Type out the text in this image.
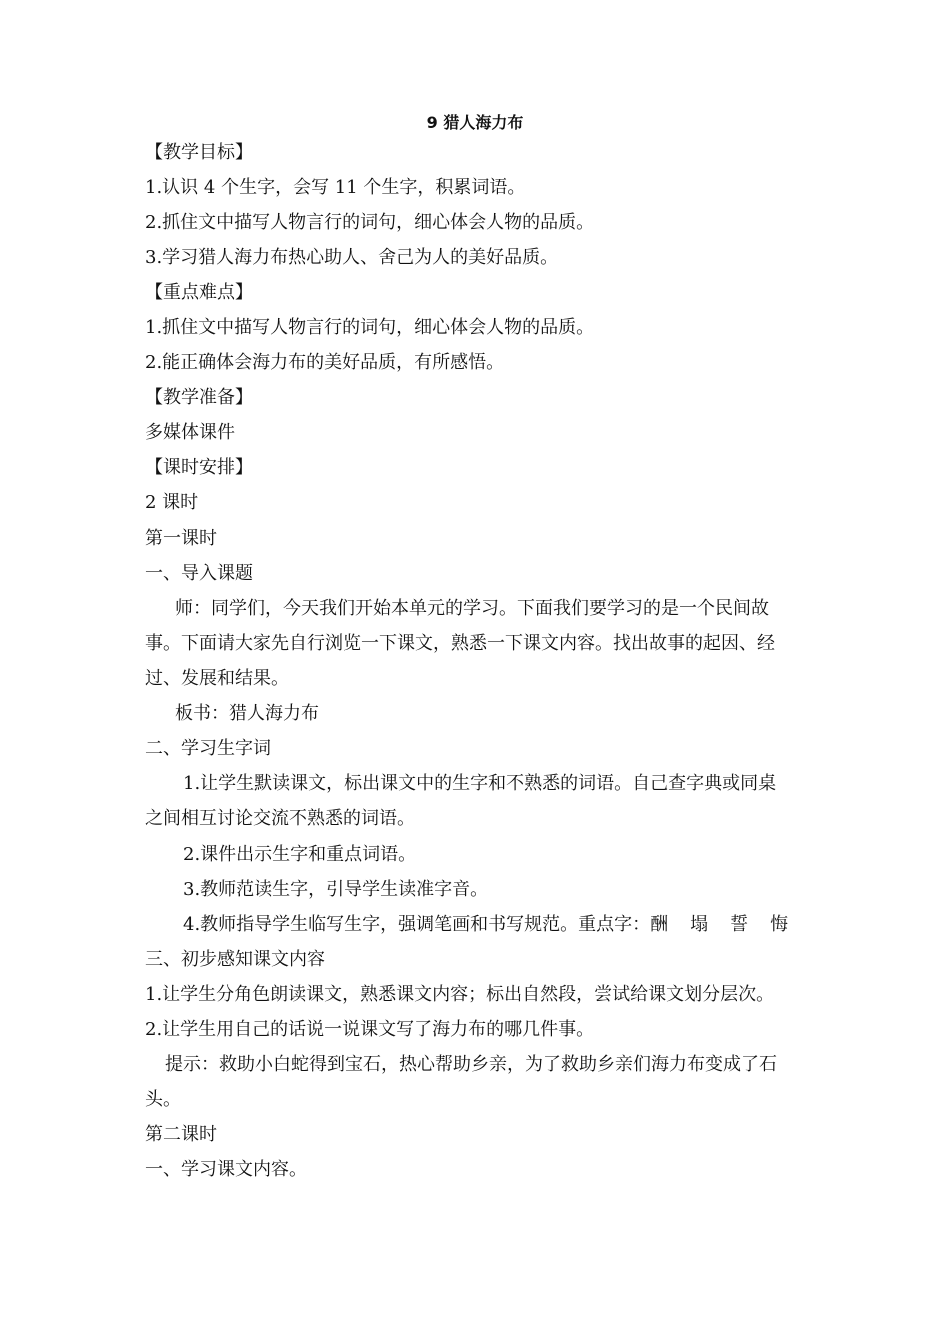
9 猎人海力布
【教学目标】
1.认识 4 个生字，会写 11 个生字，积累词语。
2.抓住文中描写人物言行的词句，细心体会人物的品质。
3.学习猎人海力布热心助人、舍己为人的美好品质。
【重点难点】
1.抓住文中描写人物言行的词句，细心体会人物的品质。
2.能正确体会海力布的美好品质，有所感悟。
【教学准备】
多媒体课件
【课时安排】
2 课时
第一课时
一、导入课题
师：同学们，今天我们开始本单元的学习。下面我们要学习的是一个民间故
事。下面请大家先自行浏览一下课文，熟悉一下课文内容。找出故事的起因、经
过、发展和结果。
板书：猎人海力布
二、学习生字词
1.让学生默读课文，标出课文中的生字和不熟悉的词语。自己查字典或同桌
之间相互讨论交流不熟悉的词语。
2.课件出示生字和重点词语。
3.教师范读生字，引导学生读准字音。
4.教师指导学生临写生字，强调笔画和书写规范。重点字：酬 塌 誓 悔
三、初步感知课文内容
1.让学生分角色朗读课文，熟悉课文内容；标出自然段，尝试给课文划分层次。
2.让学生用自己的话说一说课文写了海力布的哪几件事。
提示：救助小白蛇得到宝石，热心帮助乡亲，为了救助乡亲们海力布变成了石
头。
第二课时
一、学习课文内容。
